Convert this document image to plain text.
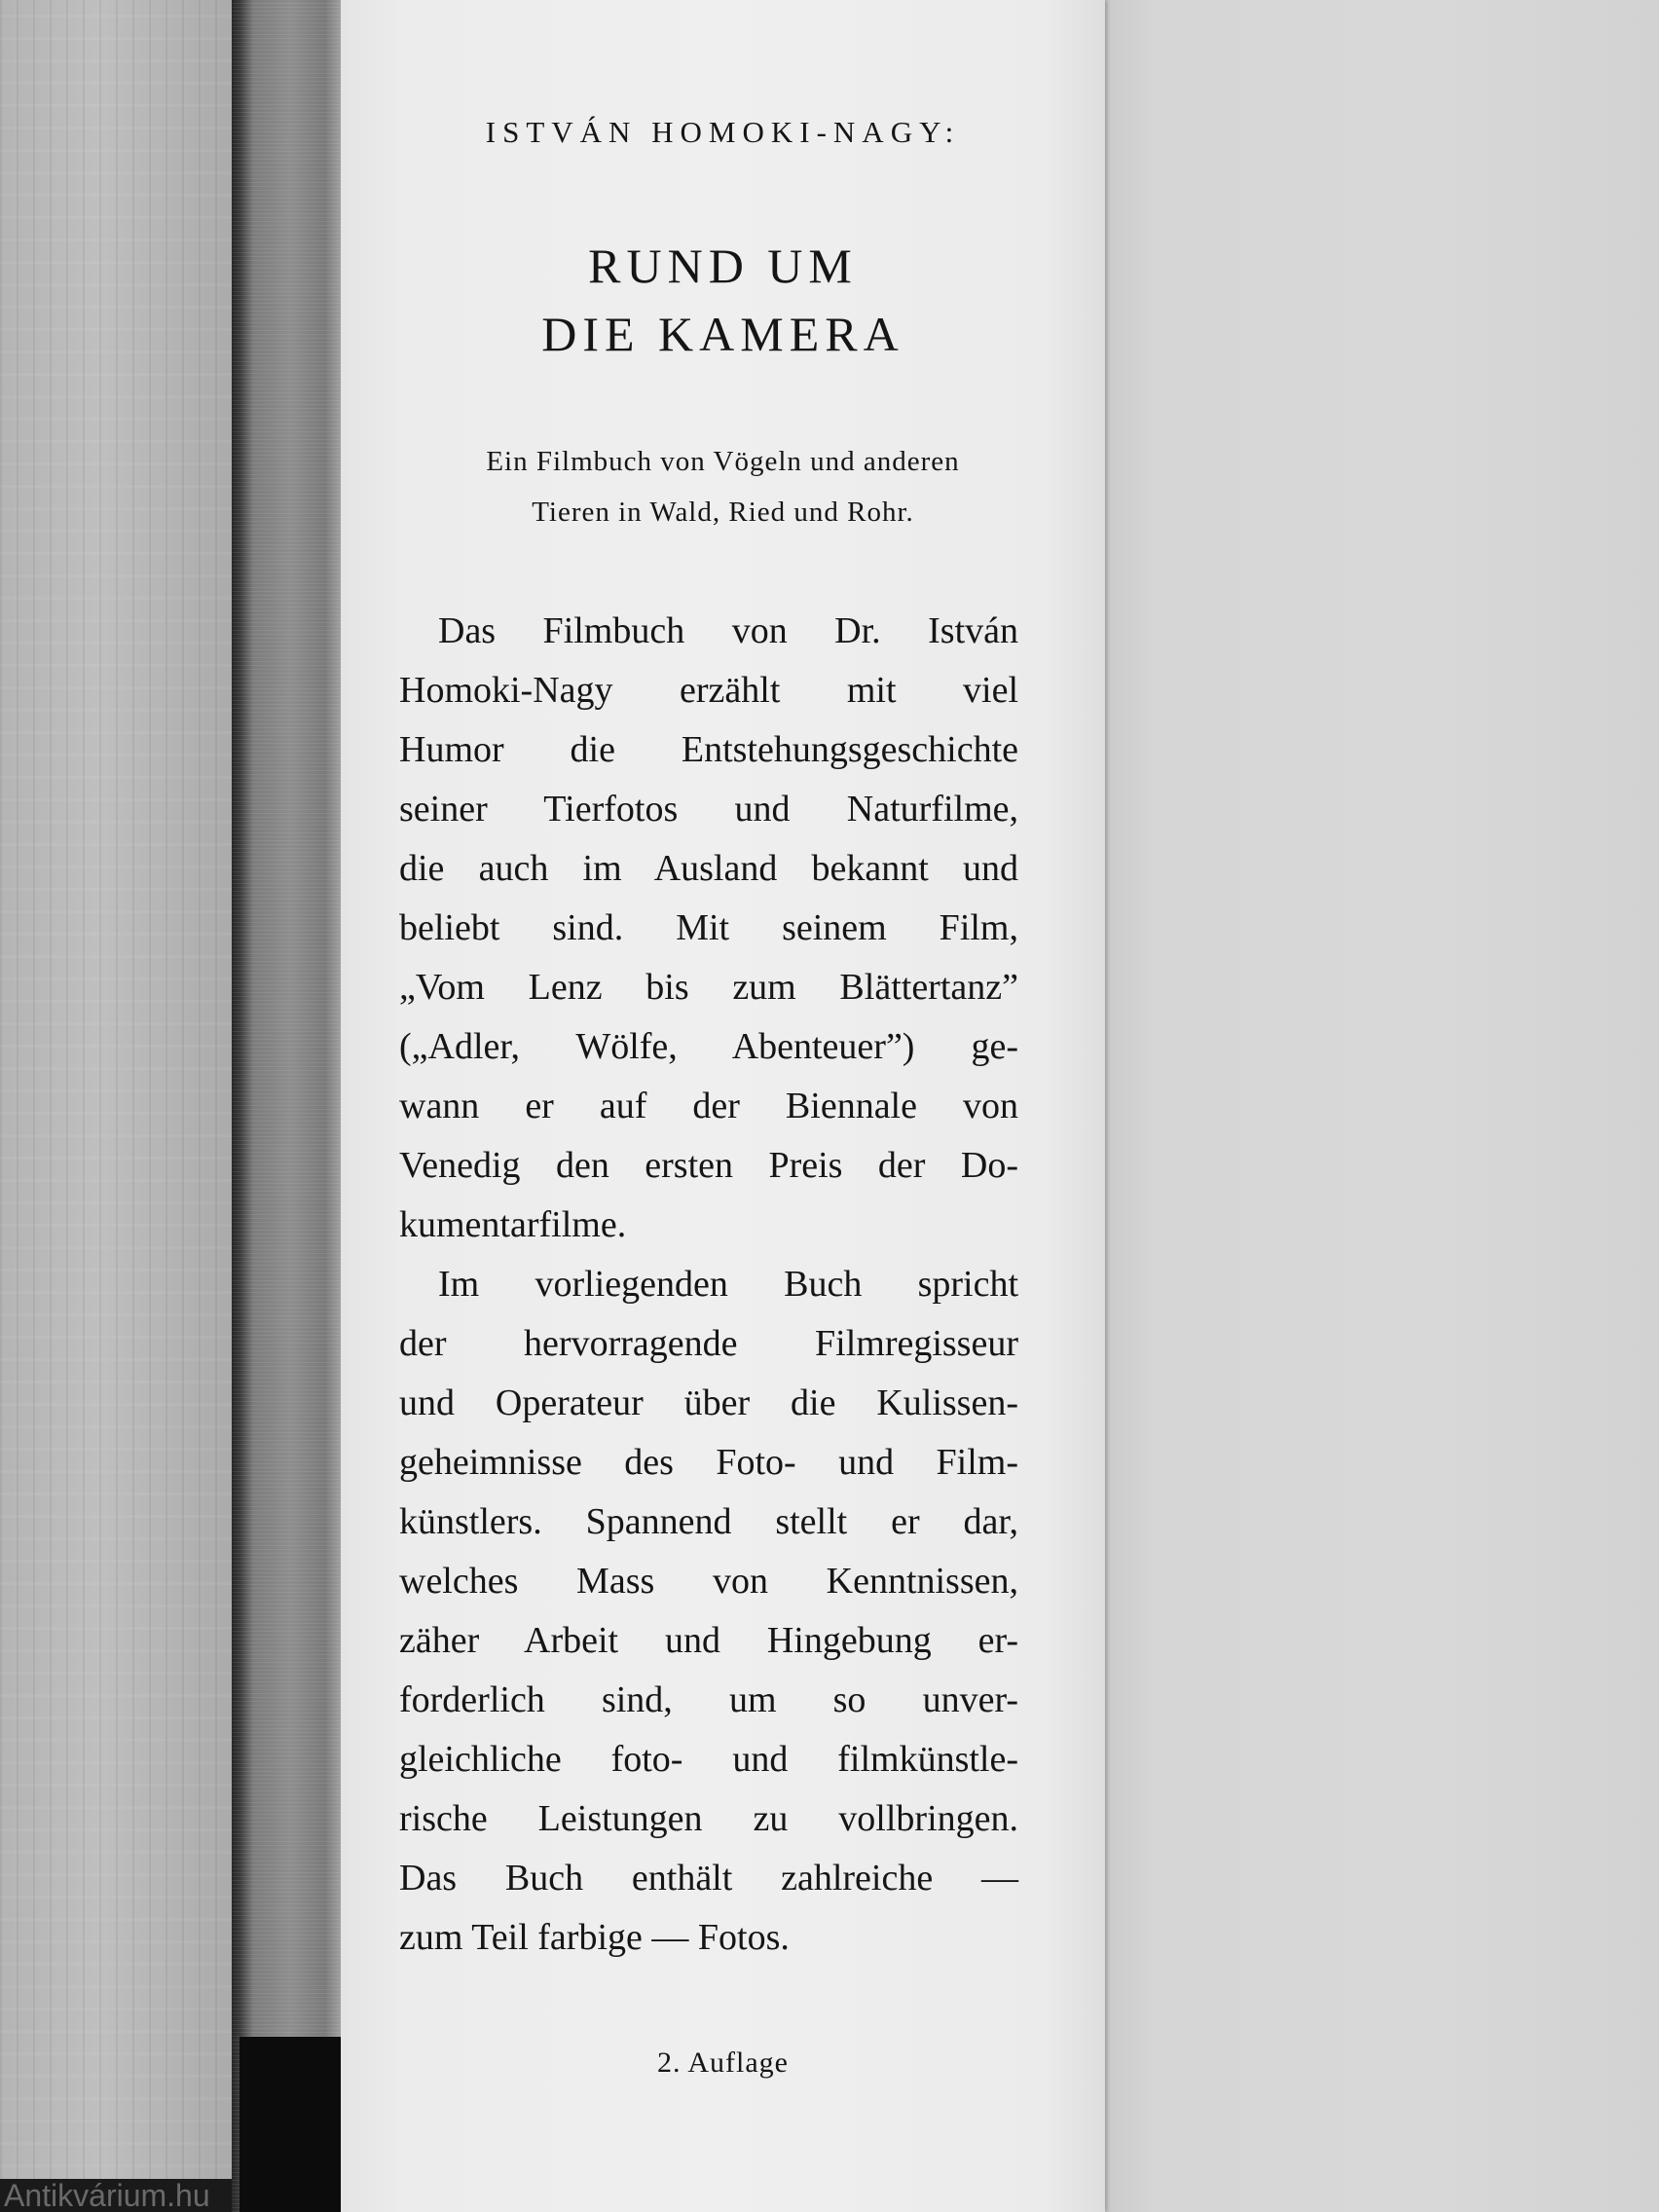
Antikvárium.hu
ISTVÁN HOMOKI-NAGY:
RUND UM
DIE KAMERA

Ein Filmbuch von Vögeln und anderen
Tieren in Wald, Ried und Rohr.

Das Filmbuch von Dr. István
Homoki-Nagy erzählt mit viel
Humor die Entstehungsgeschichte
seiner Tierfotos und Naturfilme,
die auch im Ausland bekannt und
beliebt sind. Mit seinem Film,
„Vom Lenz bis zum Blättertanz”
(„Adler, Wölfe, Abenteuer”) ge-
wann er auf der Biennale von
Venedig den ersten Preis der Do-
kumentarfilme.
Im vorliegenden Buch spricht
der hervorragende Filmregisseur
und Operateur über die Kulissen-
geheimnisse des Foto- und Film-
künstlers. Spannend stellt er dar,
welches Mass von Kenntnissen,
zäher Arbeit und Hingebung er-
forderlich sind, um so unver-
gleichliche foto- und filmkünstle-
rische Leistungen zu vollbringen.
Das Buch enthält zahlreiche —
zum Teil farbige — Fotos.

2. Auflage
